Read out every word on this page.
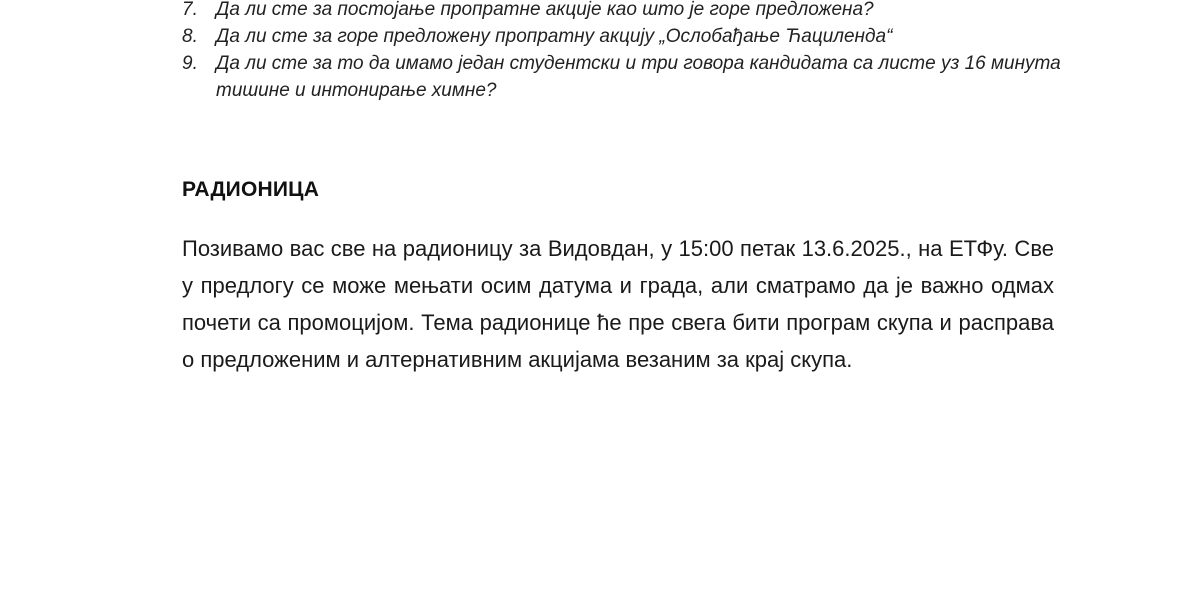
7. Да ли сте за постојање пропратне акције као што је горе предложена?
8. Да ли сте за горе предложену пропратну акцију „Ослобађање Ћациленда“
9. Да ли сте за то да имамо један студентски и три говора кандидата са листе уз 16 минута тишине и интонирање химне?
РАДИОНИЦА

Позивамо вас све на радионицу за Видовдан, у 15:00 петак 13.6.2025., на ЕТФу. Све у предлогу се може мењати осим датума и града, али сматрамо да је важно одмах почети са промоцијом. Тема радионице ће пре свега бити програм скупа и расправа о предложеним и алтернативним акцијама везаним за крај скупа.
